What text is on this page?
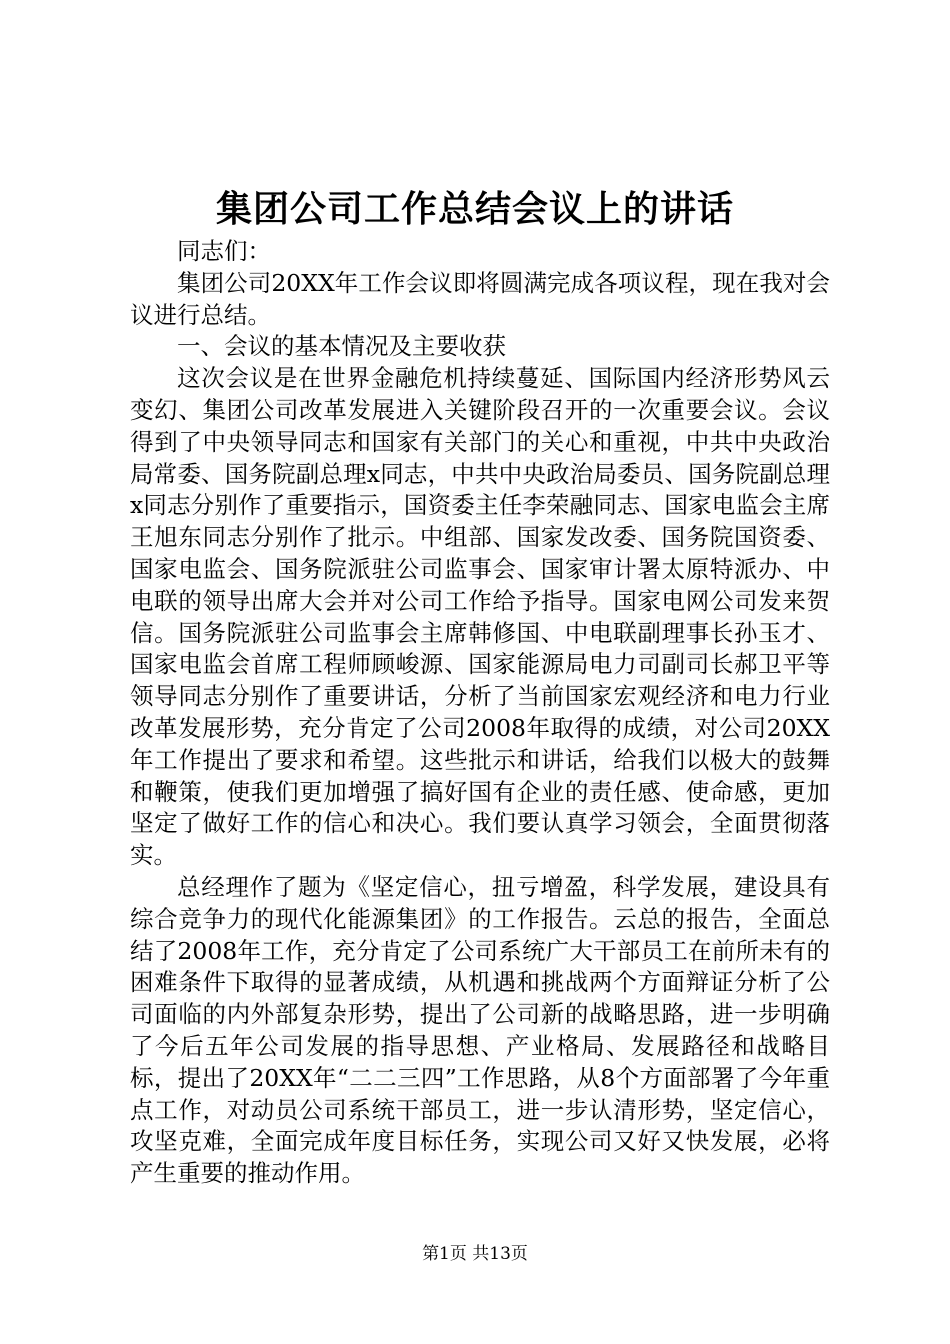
集团公司工作总结会议上的讲话

同志们：

集团公司20XX年工作会议即将圆满完成各项议程，现在我对会议进行总结。

一、会议的基本情况及主要收获

这次会议是在世界金融危机持续蔓延、国际国内经济形势风云变幻、集团公司改革发展进入关键阶段召开的一次重要会议。会议得到了中央领导同志和国家有关部门的关心和重视，中共中央政治局常委、国务院副总理x同志，中共中央政治局委员、国务院副总理x同志分别作了重要指示，国资委主任李荣融同志、国家电监会主席王旭东同志分别作了批示。中组部、国家发改委、国务院国资委、国家电监会、国务院派驻公司监事会、国家审计署太原特派办、中电联的领导出席大会并对公司工作给予指导。国家电网公司发来贺信。国务院派驻公司监事会主席韩修国、中电联副理事长孙玉才、国家电监会首席工程师顾峻源、国家能源局电力司副司长郝卫平等领导同志分别作了重要讲话，分析了当前国家宏观经济和电力行业改革发展形势，充分肯定了公司2008年取得的成绩，对公司20XX年工作提出了要求和希望。这些批示和讲话，给我们以极大的鼓舞和鞭策，使我们更加增强了搞好国有企业的责任感、使命感，更加坚定了做好工作的信心和决心。我们要认真学习领会，全面贯彻落实。

总经理作了题为《坚定信心，扭亏增盈，科学发展，建设具有综合竞争力的现代化能源集团》的工作报告。云总的报告，全面总结了2008年工作，充分肯定了公司系统广大干部员工在前所未有的困难条件下取得的显著成绩，从机遇和挑战两个方面辩证分析了公司面临的内外部复杂形势，提出了公司新的战略思路，进一步明确了今后五年公司发展的指导思想、产业格局、发展路径和战略目标，提出了20XX年“二二三四”工作思路，从8个方面部署了今年重点工作，对动员公司系统干部员工，进一步认清形势，坚定信心，攻坚克难，全面完成年度目标任务，实现公司又好又快发展，必将产生重要的推动作用。

第1页 共13页
